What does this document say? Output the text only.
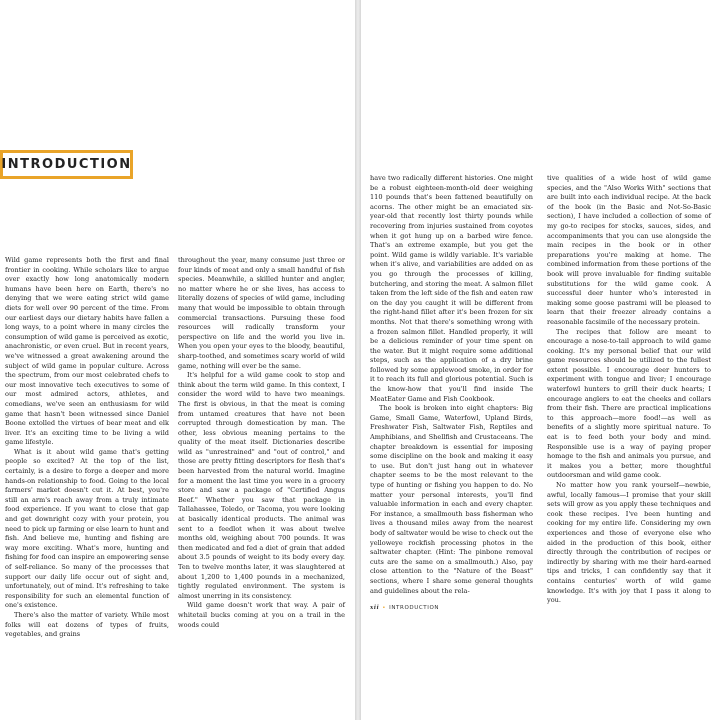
INTRODUCTION

Wild game represents both the first and final frontier in cooking. While scholars like to argue over exactly how long anatomically modern humans have been here on Earth, there's no denying that we were eating strict wild game diets for well over 90 percent of the time. From our earliest days our dietary habits have fallen a long ways, to a point where in many circles the consumption of wild game is perceived as exotic, anachronistic, or even cruel. But in recent years, we've witnessed a great awakening around the subject of wild game in popular culture. Across the spectrum, from our most celebrated chefs to our most innovative tech executives to some of our most admired actors, athletes, and comedians, we've seen an enthusiasm for wild game that hasn't been witnessed since Daniel Boone extolled the virtues of bear meat and elk liver. It's an exciting time to be living a wild game lifestyle.

What is it about wild game that's getting people so excited? At the top of the list, certainly, is a desire to forge a deeper and more hands-on relationship to food. Going to the local farmers' market doesn't cut it. At best, you're still an arm's reach away from a truly intimate food experience. If you want to close that gap and get downright cozy with your protein, you need to pick up farming or else learn to hunt and fish. And believe me, hunting and fishing are way more exciting. What's more, hunting and fishing for food can inspire an empowering sense of self-reliance. So many of the processes that support our daily life occur out of sight and, unfortunately, out of mind. It's refreshing to take responsibility for such an elemental function of one's existence.

There's also the matter of variety. While most folks will eat dozens of types of fruits, vegetables, and grains

throughout the year, many consume just three or four kinds of meat and only a small handful of fish species. Meanwhile, a skilled hunter and angler, no matter where he or she lives, has access to literally dozens of species of wild game, including many that would be impossible to obtain through commercial transactions. Pursuing these food resources will radically transform your perspective on life and the world you live in. When you open your eyes to the bloody, beautiful, sharp-toothed, and sometimes scary world of wild game, nothing will ever be the same.

It's helpful for a wild game cook to stop and think about the term wild game. In this context, I consider the word wild to have two meanings. The first is obvious, in that the meat is coming from untamed creatures that have not been corrupted through domestication by man. The other, less obvious meaning pertains to the quality of the meat itself. Dictionaries describe wild as "unrestrained" and "out of control," and those are pretty fitting descriptors for flesh that's been harvested from the natural world. Imagine for a moment the last time you were in a grocery store and saw a package of "Certified Angus Beef." Whether you saw that package in Tallahassee, Toledo, or Tacoma, you were looking at basically identical products. The animal was sent to a feedlot when it was about twelve months old, weighing about 700 pounds. It was then medicated and fed a diet of grain that added about 3.5 pounds of weight to its body every day. Ten to twelve months later, it was slaughtered at about 1,200 to 1,400 pounds in a mechanized, tightly regulated environment. The system is almost unerring in its consistency.

Wild game doesn't work that way. A pair of whitetail bucks coming at you on a trail in the woods could

have two radically different histories. One might be a robust eighteen-month-old deer weighing 110 pounds that's been fattened beautifully on acorns. The other might be an emaciated six-year-old that recently lost thirty pounds while recovering from injuries sustained from coyotes when it got hung up on a barbed wire fence. That's an extreme example, but you get the point. Wild game is wildly variable. It's variable when it's alive, and variabilities are added on as you go through the processes of killing, butchering, and storing the meat. A salmon fillet taken from the left side of the fish and eaten raw on the day you caught it will be different from the right-hand fillet after it's been frozen for six months. Not that there's something wrong with a frozen salmon fillet. Handled properly, it will be a delicious reminder of your time spent on the water. But it might require some additional steps, such as the application of a dry brine followed by some applewood smoke, in order for it to reach its full and glorious potential. Such is the know-how that you'll find inside The MeatEater Game and Fish Cookbook.

The book is broken into eight chapters: Big Game, Small Game, Waterfowl, Upland Birds, Freshwater Fish, Saltwater Fish, Reptiles and Amphibians, and Shellfish and Crustaceans. The chapter breakdown is essential for imposing some discipline on the book and making it easy to use. But don't just hang out in whatever chapter seems to be the most relevant to the type of hunting or fishing you happen to do. No matter your personal interests, you'll find valuable information in each and every chapter. For instance, a smallmouth bass fisherman who lives a thousand miles away from the nearest body of saltwater would be wise to check out the yelloweye rockfish processing photos in the saltwater chapter. (Hint: The pinbone removal cuts are the same on a smallmouth.) Also, pay close attention to the "Nature of the Beast" sections, where I share some general thoughts and guidelines about the rela-

tive qualities of a wide host of wild game species, and the "Also Works With" sections that are built into each individual recipe. At the back of the book (in the Basic and Not-So-Basic section), I have included a collection of some of my go-to recipes for stocks, sauces, sides, and accompaniments that you can use alongside the main recipes in the book or in other preparations you're making at home. The combined information from these portions of the book will prove invaluable for finding suitable substitutions for the wild game cook. A successful deer hunter who's interested in making some goose pastrami will be pleased to learn that their freezer already contains a reasonable facsimile of the necessary protein.

The recipes that follow are meant to encourage a nose-to-tail approach to wild game cooking. It's my personal belief that our wild game resources should be utilized to the fullest extent possible. I encourage deer hunters to experiment with tongue and liver; I encourage waterfowl hunters to grill their duck hearts; I encourage anglers to eat the cheeks and collars from their fish. There are practical implications to this approach—more food!—as well as benefits of a slightly more spiritual nature. To eat is to feed both your body and mind. Responsible use is a way of paying proper homage to the fish and animals you pursue, and it makes you a better, more thoughtful outdoorsman and wild game cook.

No matter how you rank yourself—newbie, awful, locally famous—I promise that your skill sets will grow as you apply these techniques and cook these recipes. I've been hunting and cooking for my entire life. Considering my own experiences and those of everyone else who aided in the production of this book, either directly through the contribution of recipes or indirectly by sharing with me their hard-earned tips and tricks, I can confidently say that it contains centuries' worth of wild game knowledge. It's with joy that I pass it along to you.

xii • INTRODUCTION
